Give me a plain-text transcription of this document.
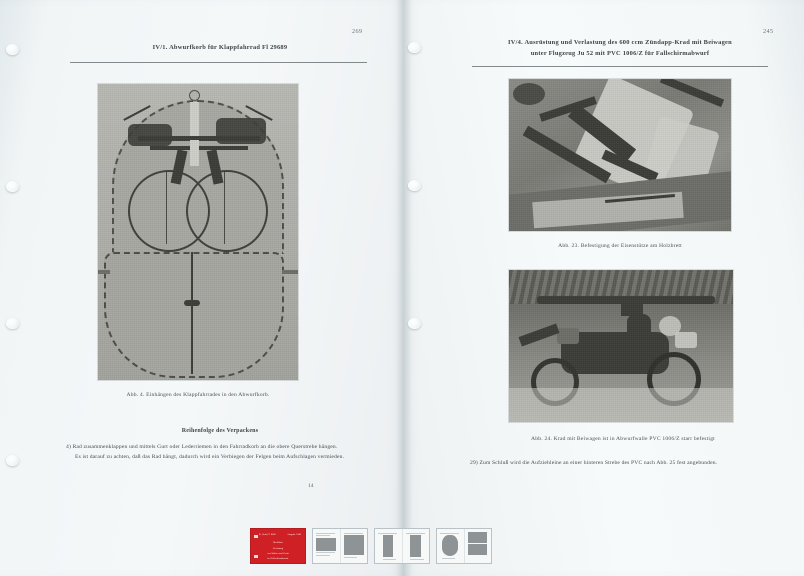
269
IV/1. Abwurfkorb für Klappfahrrad Fl 29689
Abb. 4. Einhängen des Klappfahrrades in den Abwurfkorb.
Reihenfolge des Verpackens
4) Rad zusammenklappen und mittels Gurt oder Lederriemen in den Fahrradkorb an die obere Querstrebe hängen.
Es ist darauf zu achten, daß das Rad hängt, dadurch wird ein Verbiegen der Felgen beim Aufschlagen vermieden.
14
245
IV/4. Ausrüstung und Verlastung des 600 ccm Zündapp-Krad mit Beiwagen
unter Flugzeug Ju 52 mit PVC 1006/Z für Fallschirmabwurf
Abb. 23. Befestigung der Eisenstütze am Holzbrett
Abb. 24. Krad mit Beiwagen ist in Abwurfwalle PVC 1006/Z starr befestigt
29) Zum Schluß wird die Aufziehleine an einer hinteren Strebe des PVC nach Abb. 25 fest angebunden.
D. (Luft) T. 8000	Ausgabe 1940
Merkblatt
Verlastung
von Waffen und Gerät
bei Fallschirmabwurf
